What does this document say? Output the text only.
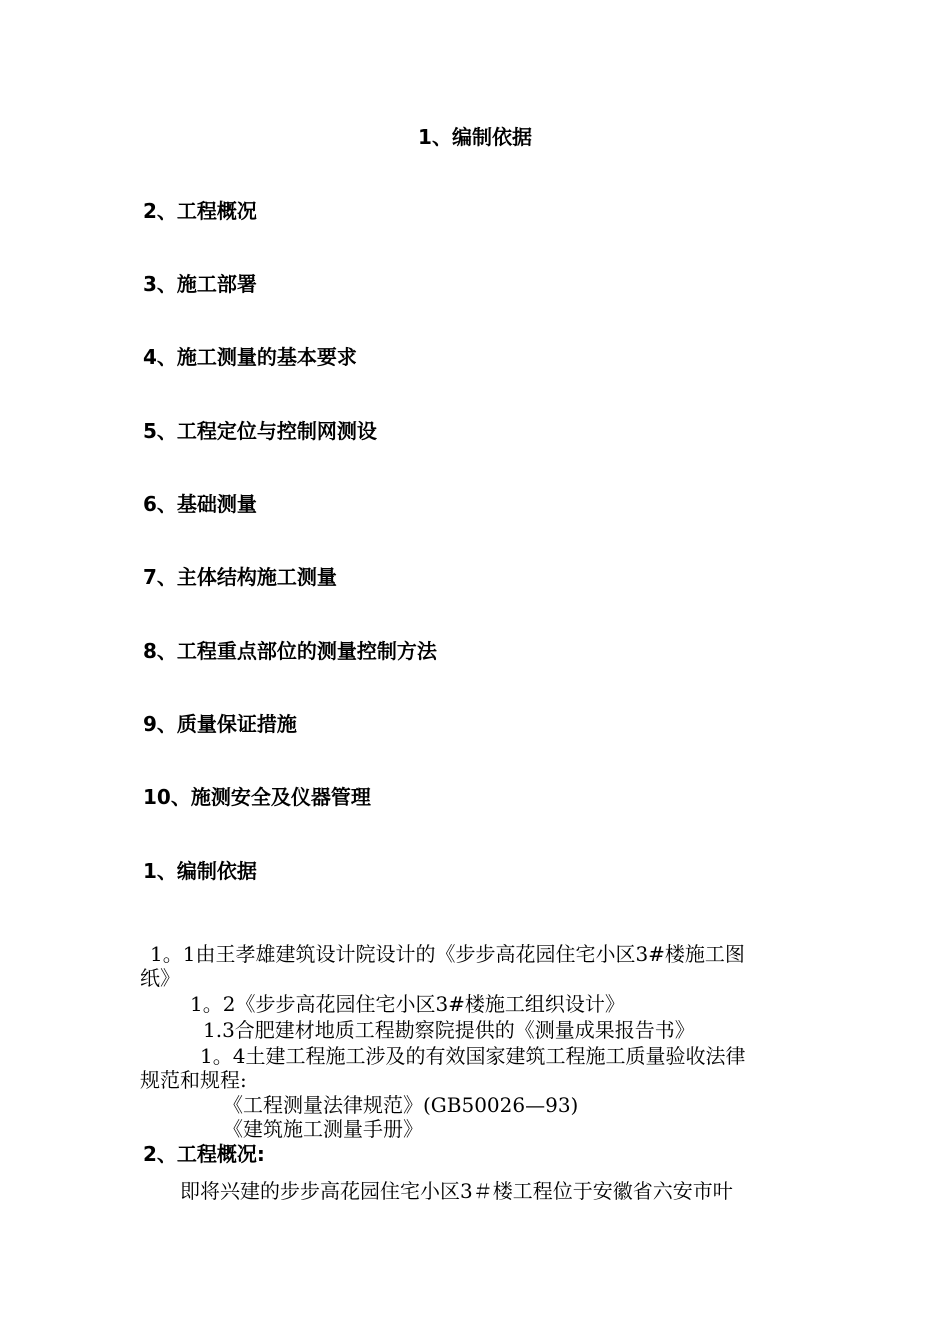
1、编制依据
2、工程概况
3、施工部署
4、施工测量的基本要求
5、工程定位与控制网测设
6、基础测量
7、主体结构施工测量
8、工程重点部位的测量控制方法
9、质量保证措施
10、施测安全及仪器管理
1、编制依据
1。1由王孝雄建筑设计院设计的《步步高花园住宅小区3#楼施工图
纸》
1。2《步步高花园住宅小区3#楼施工组织设计》
1.3合肥建材地质工程勘察院提供的《测量成果报告书》
1。4土建工程施工涉及的有效国家建筑工程施工质量验收法律
规范和规程:
《工程测量法律规范》(GB50026—93)
《建筑施工测量手册》
2、工程概况:
即将兴建的步步高花园住宅小区3＃楼工程位于安徽省六安市叶
